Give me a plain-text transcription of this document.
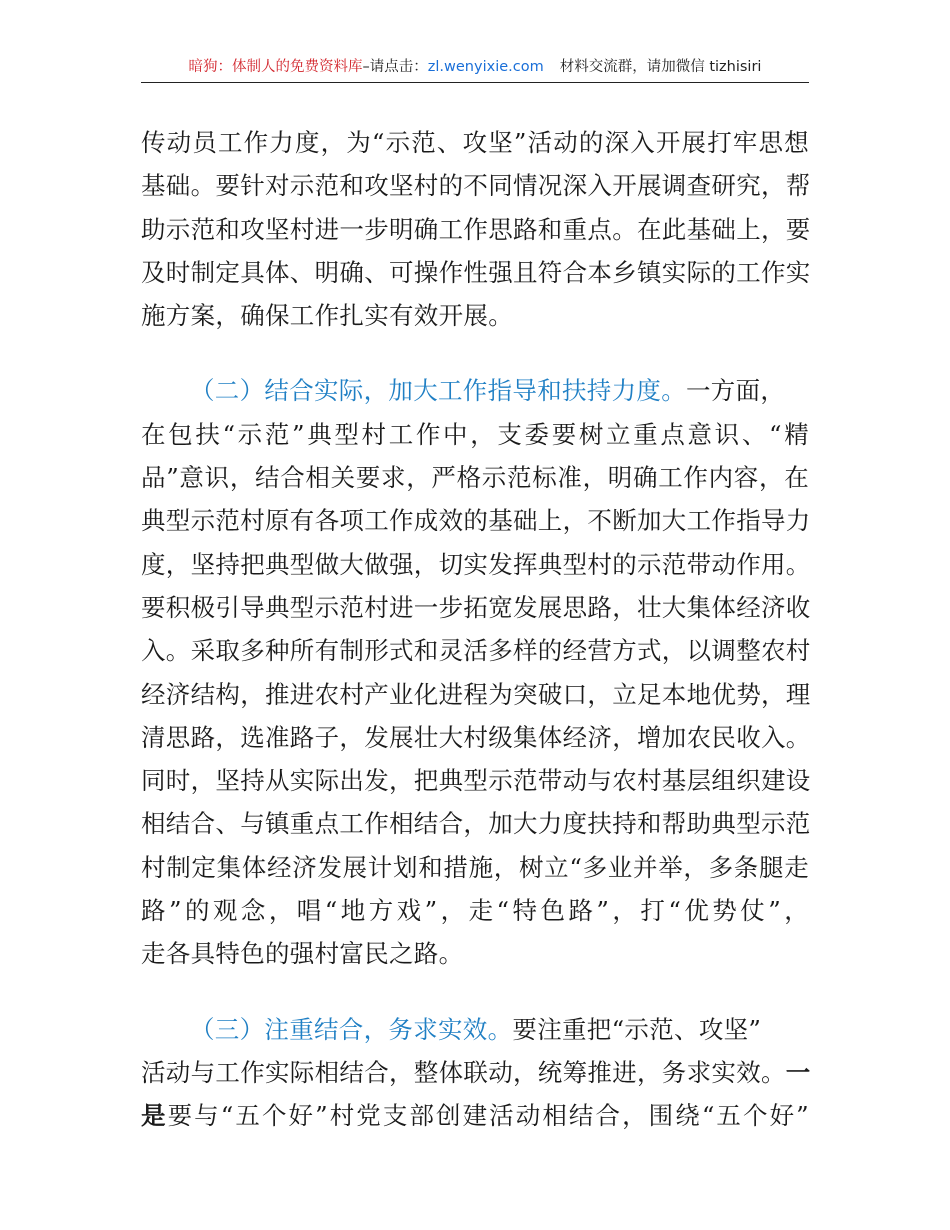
暗狗：体制人的免费资料库–请点击：zl.wenyixie.com 材料交流群，请加微信 tizhisiri
传动员工作力度，为“示范、攻坚”活动的深入开展打牢思想
基础。要针对示范和攻坚村的不同情况深入开展调查研究，帮
助示范和攻坚村进一步明确工作思路和重点。在此基础上，要
及时制定具体、明确、可操作性强且符合本乡镇实际的工作实
施方案，确保工作扎实有效开展。
（二）结合实际，加大工作指导和扶持力度。一方面，
在包扶“示范”典型村工作中，支委要树立重点意识、“精
品”意识，结合相关要求，严格示范标准，明确工作内容，在
典型示范村原有各项工作成效的基础上，不断加大工作指导力
度，坚持把典型做大做强，切实发挥典型村的示范带动作用。
要积极引导典型示范村进一步拓宽发展思路，壮大集体经济收
入。采取多种所有制形式和灵活多样的经营方式，以调整农村
经济结构，推进农村产业化进程为突破口，立足本地优势，理
清思路，选准路子，发展壮大村级集体经济，增加农民收入。
同时，坚持从实际出发，把典型示范带动与农村基层组织建设
相结合、与镇重点工作相结合，加大力度扶持和帮助典型示范
村制定集体经济发展计划和措施，树立“多业并举，多条腿走
路”的观念，唱“地方戏”，走“特色路”，打“优势仗”，
走各具特色的强村富民之路。
（三）注重结合，务求实效。要注重把“示范、攻坚”
活动与工作实际相结合，整体联动，统筹推进，务求实效。一
是要与“五个好”村党支部创建活动相结合，围绕“五个好”
